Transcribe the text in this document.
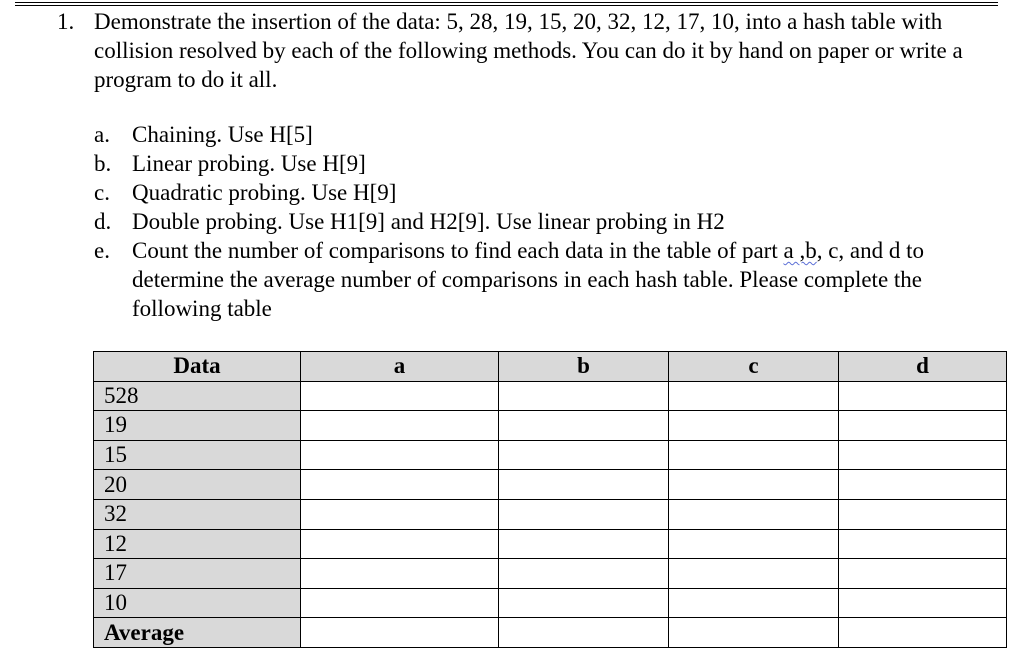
1. Demonstrate the insertion of the data: 5, 28, 19, 15, 20, 32, 12, 17, 10, into a hash table with collision resolved by each of the following methods. You can do it by hand on paper or write a program to do it all.
a. Chaining. Use H[5]
b. Linear probing. Use H[9]
c. Quadratic probing. Use H[9]
d. Double probing. Use H1[9] and H2[9]. Use linear probing in H2
e. Count the number of comparisons to find each data in the table of part a ,b, c, and d to determine the average number of comparisons in each hash table. Please complete the following table
Data	a	b	c	d
528				
19				
15				
20				
32				
12				
17				
10				
Average				
